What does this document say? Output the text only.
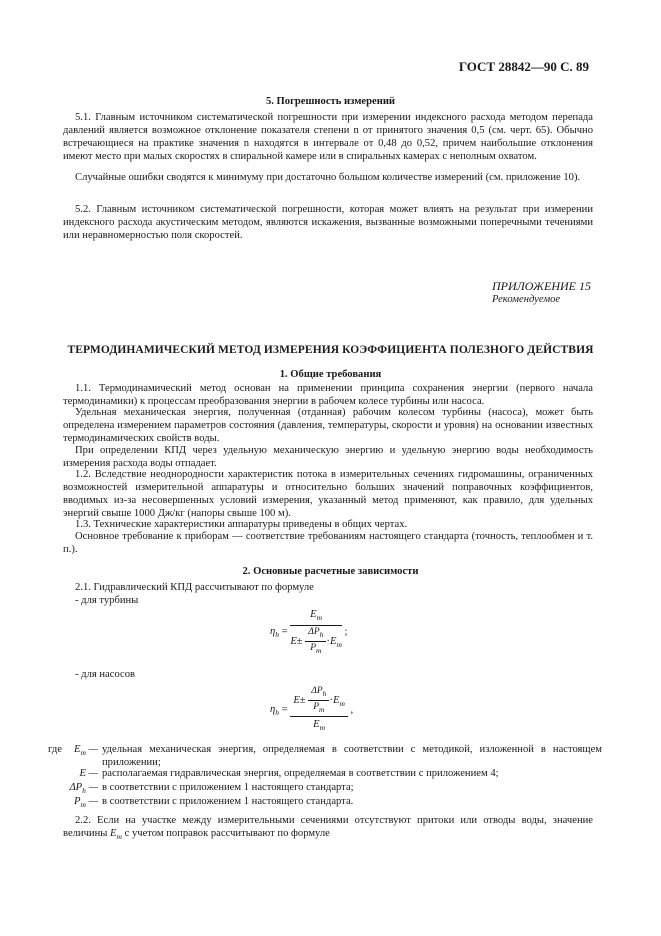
ГОСТ 28842—90 С. 89
5. Погрешность измерений
5.1. Главным источником систематической погрешности при измерении индексного расхода методом перепада давлений является возможное отклонение показателя степени n от принятого значения 0,5 (см. черт. 65). Обычно встречающиеся на практике значения n находятся в интервале от 0,48 до 0,52, причем наибольшие отклонения имеют место при малых скоростях в спиральной камере или в спиральных камерах с неполным охватом.
Случайные ошибки сводятся к минимуму при достаточно большом количестве измерений (см. приложение 10).
5.2. Главным источником систематической погрешности, которая может влиять на результат при измерении индексного расхода акустическим методом, являются искажения, вызванные возможными поперечными течениями или неравномерностью поля скоростей.
ПРИЛОЖЕНИЕ 15
Рекомендуемое
ТЕРМОДИНАМИЧЕСКИЙ МЕТОД ИЗМЕРЕНИЯ КОЭФФИЦИЕНТА ПОЛЕЗНОГО ДЕЙСТВИЯ
1. Общие требования
1.1. Термодинамический метод основан на применении принципа сохранения энергии (первого начала термодинамики) к процессам преобразования энергии в рабочем колесе турбины или насоса.
Удельная механическая энергия, полученная (отданная) рабочим колесом турбины (насоса), может быть определена измерением параметров состояния (давления, температуры, скорости и уровня) на основании известных термодинамических свойств воды.
При определении КПД через удельную механическую энергию и удельную энергию воды необходимость измерения расхода воды отпадает.
1.2. Вследствие неоднородности характеристик потока в измерительных сечениях гидромашины, ограниченных возможностей измерительной аппаратуры и относительно больших значений поправочных коэффициентов, вводимых из-за несовершенных условий измерения, указанный метод применяют, как правило, для удельных энергий свыше 1000 Дж/кг (напоры свыше 100 м).
1.3. Технические характеристики аппаратуры приведены в общих чертах.
Основное требование к приборам — соответствие требованиям настоящего стандарта (точность, теплообмен и т. п.).
2. Основные расчетные зависимости
2.1. Гидравлический КПД рассчитывают по формуле
- для турбины
$\eta_h = \frac{E_m}{E\pm \frac{\Delta P_h}{P_m} \cdot E_m}$ ;
- для насосов
$\eta_h = \frac{E\pm \frac{\Delta P_h}{P_m} \cdot E_m}{E_m}$ ,
где	$E_m$ — удельная механическая энергия, определяемая в соответствии с методикой, изложенной в настоящем приложении;
E — располагаемая гидравлическая энергия, определяемая в соответствии с приложением 4;
$\Delta P_h$ — в соответствии с приложением 1 настоящего стандарта;
$P_m$ — в соответствии с приложением 1 настоящего стандарта.
2.2. Если на участке между измерительными сечениями отсутствуют притоки или отводы воды, значение величины $E_m$ с учетом поправок рассчитывают по формуле
